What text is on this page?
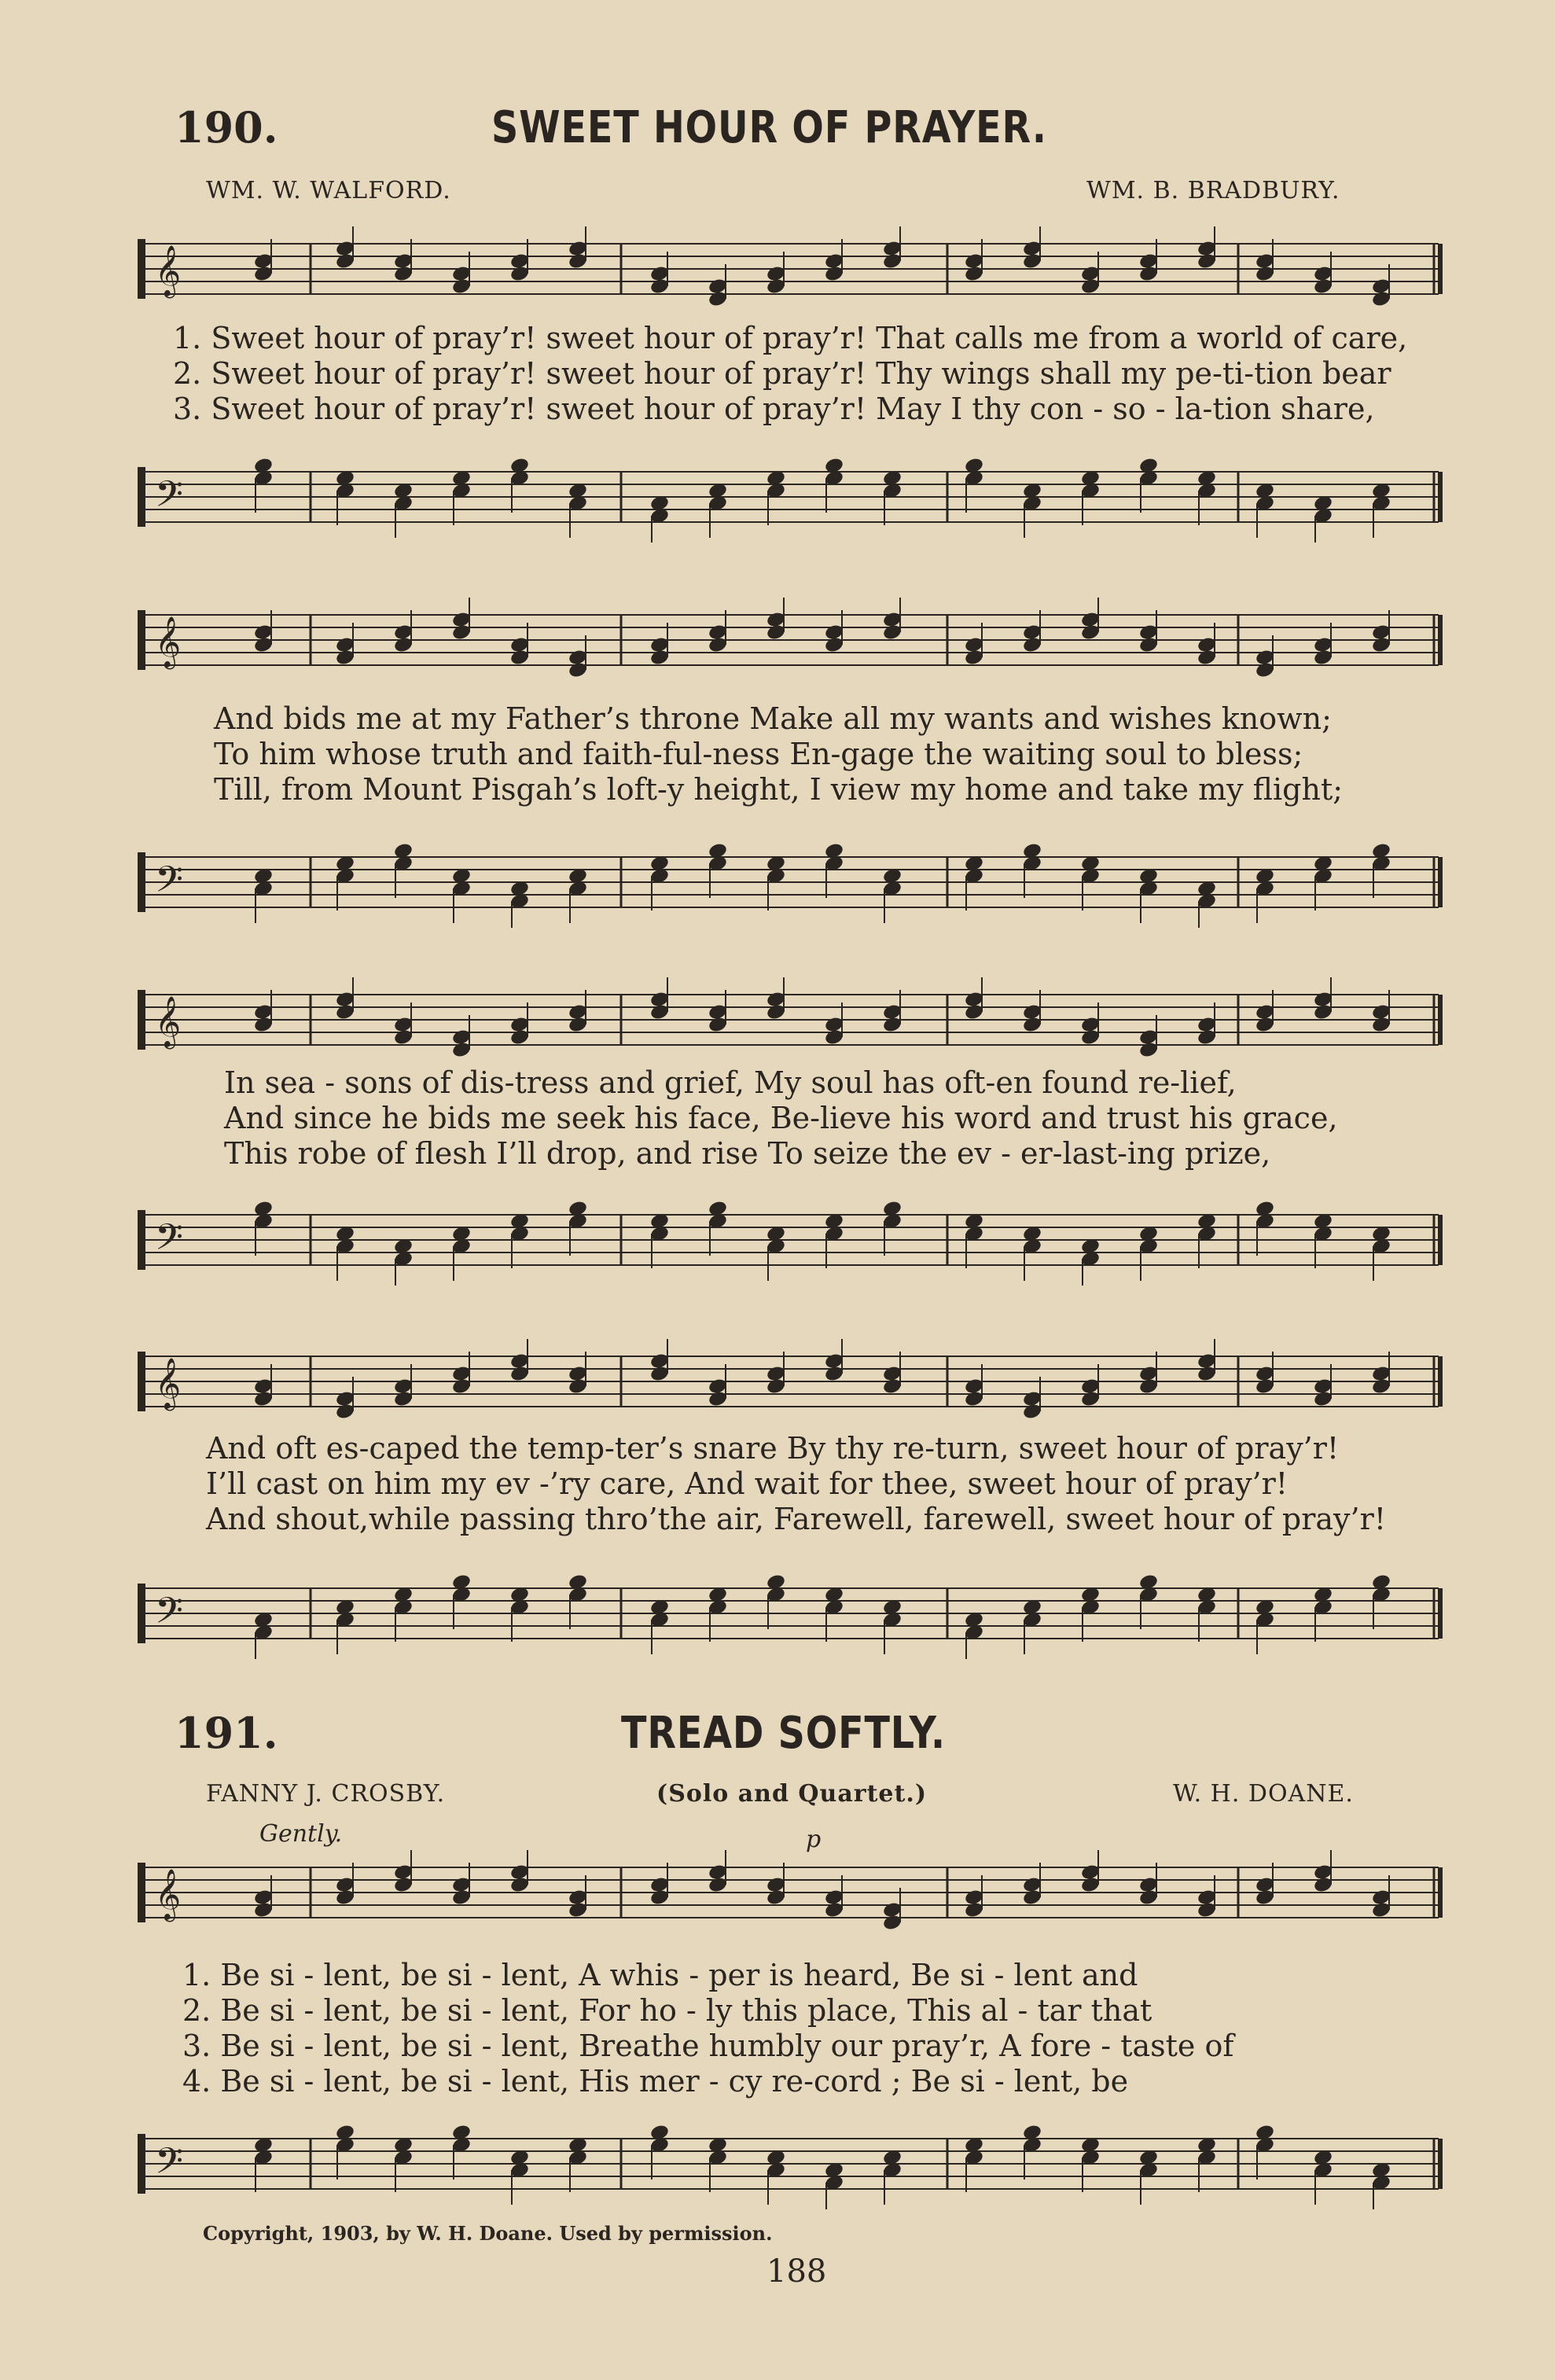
190.	SWEET HOUR OF PRAYER.
WM. W. WALFORD.	WM. B. BRADBURY.
𝄞
1. Sweet hour of pray’r! sweet hour of pray’r! That calls me from a world of care,
2. Sweet hour of pray’r! sweet hour of pray’r! Thy wings shall my pe-ti-tion bear
3. Sweet hour of pray’r! sweet hour of pray’r! May I thy con - so - la-tion share,
𝄢
𝄞
And bids me at my Father’s throne Make all my wants and wishes known;
To him whose truth and faith-ful-ness En-gage the waiting soul to bless;
Till, from Mount Pisgah’s loft-y height, I view my home and take my flight;
𝄢
𝄞
In sea - sons of dis-tress and grief, My soul has oft-en found re-lief,
And since he bids me seek his face, Be-lieve his word and trust his grace,
This robe of flesh I’ll drop, and rise To seize the ev - er-last-ing prize,
𝄢
𝄞
And oft es-caped the temp-ter’s snare By thy re-turn, sweet hour of pray’r!
I’ll cast on him my ev -’ry care, And wait for thee, sweet hour of pray’r!
And shout,while passing thro’the air, Farewell, farewell, sweet hour of pray’r!
𝄢
191.	TREAD SOFTLY.
FANNY J. CROSBY.	(Solo and Quartet.)	W. H. DOANE.
Gently.	p
𝄞
1. Be si - lent, be si - lent, A whis - per is heard, Be si - lent and
2. Be si - lent, be si - lent, For ho - ly this place, This al - tar that
3. Be si - lent, be si - lent, Breathe humbly our pray’r, A fore - taste of
4. Be si - lent, be si - lent, His mer - cy re-cord ; Be si - lent, be
𝄢
Copyright, 1903, by W. H. Doane. Used by permission.
188
